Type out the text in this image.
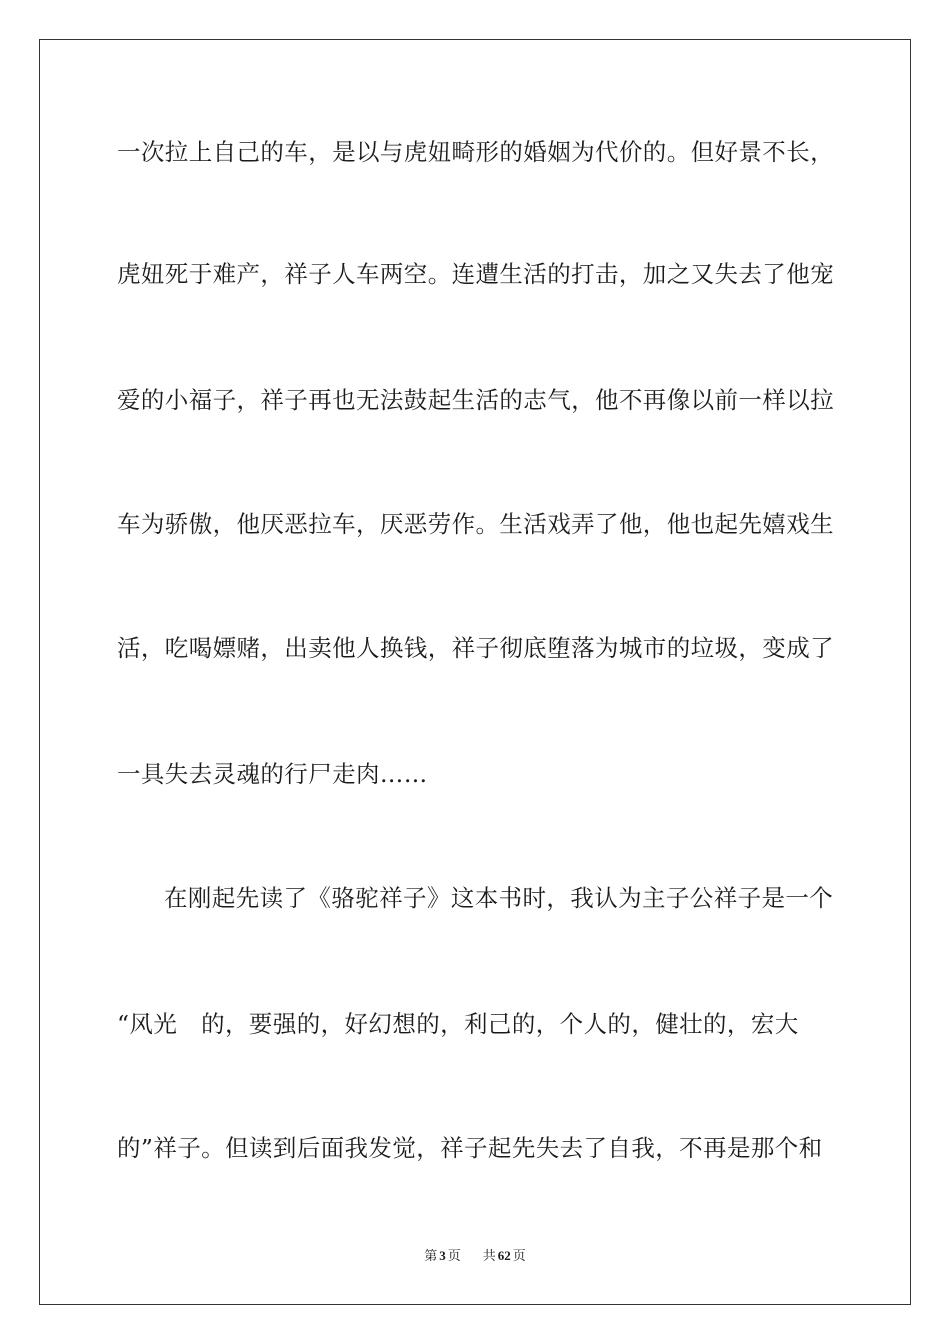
一次拉上自己的车，是以与虎妞畸形的婚姻为代价的。但好景不长，
虎妞死于难产，祥子人车两空。连遭生活的打击，加之又失去了他宠
爱的小福子，祥子再也无法鼓起生活的志气，他不再像以前一样以拉
车为骄傲，他厌恶拉车，厌恶劳作。生活戏弄了他，他也起先嬉戏生
活，吃喝嫖赌，出卖他人换钱，祥子彻底堕落为城市的垃圾，变成了
一具失去灵魂的行尸走肉……
在刚起先读了《骆驼祥子》这本书时，我认为主子公祥子是一个
“风光　的，要强的，好幻想的，利己的，个人的，健壮的，宏大
的”祥子。但读到后面我发觉，祥子起先失去了自我，不再是那个和
第 3 页 共 62 页
